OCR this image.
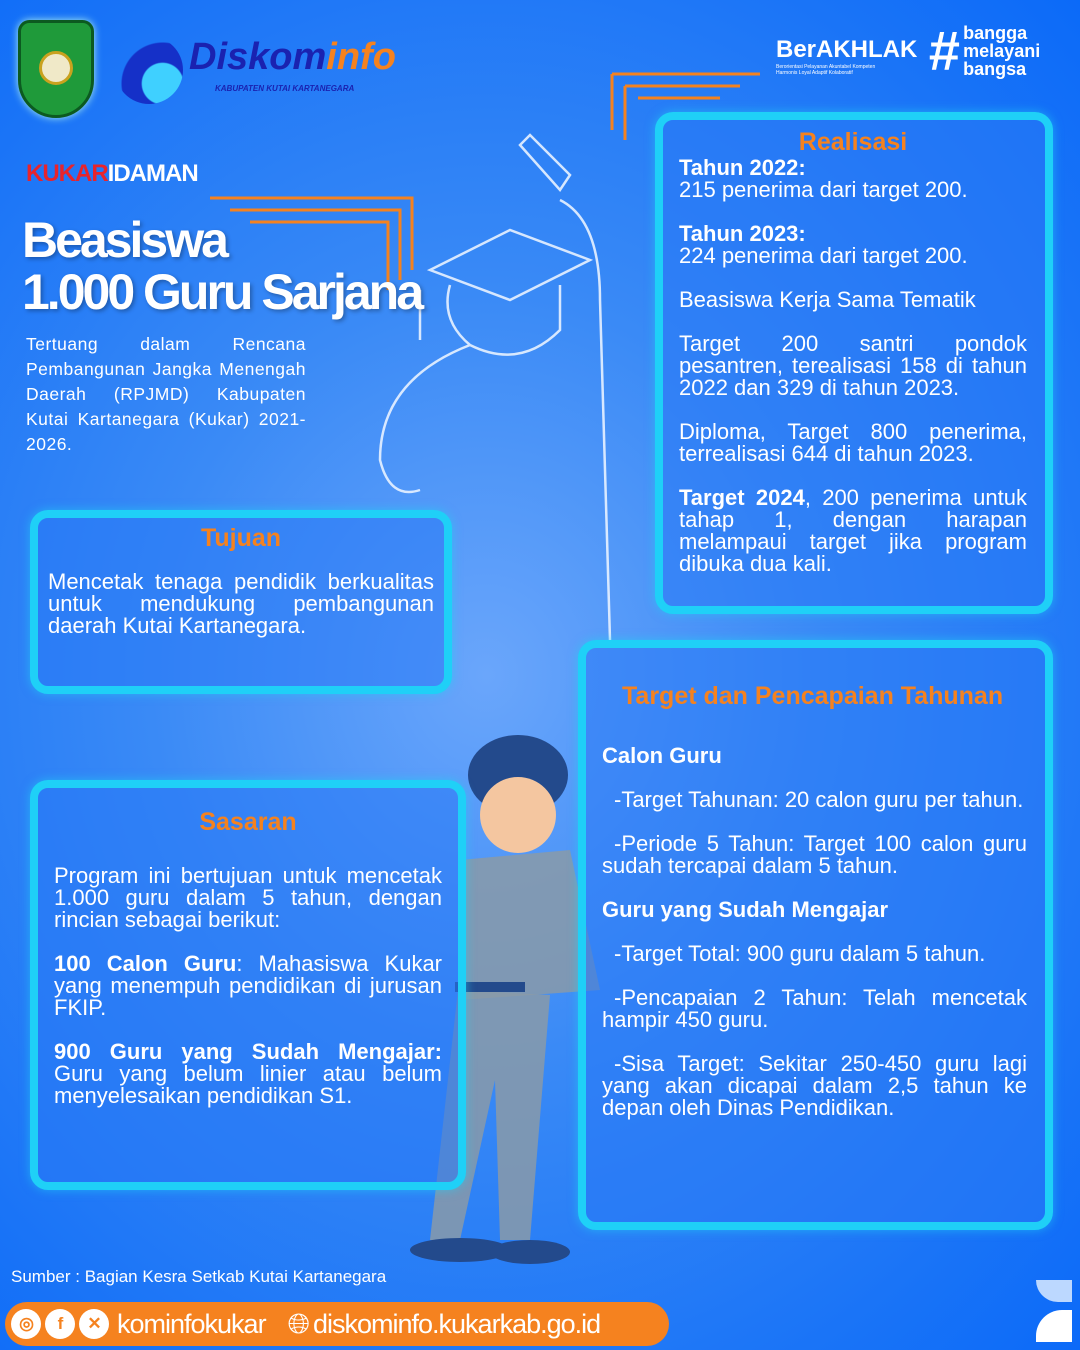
Diskominfo
KABUPATEN KUTAI KARTANEGARA
BerAKHLAK
Berorientasi Pelayanan Akuntabel Kompeten
Harmonis Loyal Adaptif Kolaboratif	# bangga
melayani
bangsa
KUKARIDAMAN
Beasiswa
1.000 Guru Sarjana
Tertuang dalam Rencana Pembangunan Jangka Menengah Daerah (RPJMD) Kabupaten Kutai Kartanegara (Kukar) 2021-2026.
Tujuan

Mencetak tenaga pendidik berkualitas untuk mendukung pembangunan daerah Kutai Kartanegara.

Sasaran

Program ini bertujuan untuk mencetak 1.000 guru dalam 5 tahun, dengan rincian sebagai berikut:

100 Calon Guru: Mahasiswa Kukar yang menempuh pendidikan di jurusan FKIP.

900 Guru yang Sudah Mengajar: Guru yang belum linier atau belum menyelesaikan pendidikan S1.

Realisasi

Tahun 2022:
215 penerima dari target 200.

Tahun 2023:
224 penerima dari target 200.

Beasiswa Kerja Sama Tematik

Target 200 santri pondok pesantren, terealisasi 158 di tahun 2022 dan 329 di tahun 2023.

Diploma, Target 800 penerima, terrealisasi 644 di tahun 2023.

Target 2024, 200 penerima untuk tahap 1, dengan harapan melampaui target jika program dibuka dua kali.

Target dan Pencapaian Tahunan

Calon Guru

-Target Tahunan: 20 calon guru per tahun.

-Periode 5 Tahun: Target 100 calon guru sudah tercapai dalam 5 tahun.

Guru yang Sudah Mengajar

-Target Total: 900 guru dalam 5 tahun.

-Pencapaian 2 Tahun: Telah mencetak hampir 450 guru.

-Sisa Target: Sekitar 250-450 guru lagi yang akan dicapai dalam 2,5 tahun ke depan oleh Dinas Pendidikan.

Sumber : Bagian Kesra Setkab Kutai Kartanegara
◎	f	✕ kominfokukar 🌐︎ diskominfo.kukarkab.go.id
